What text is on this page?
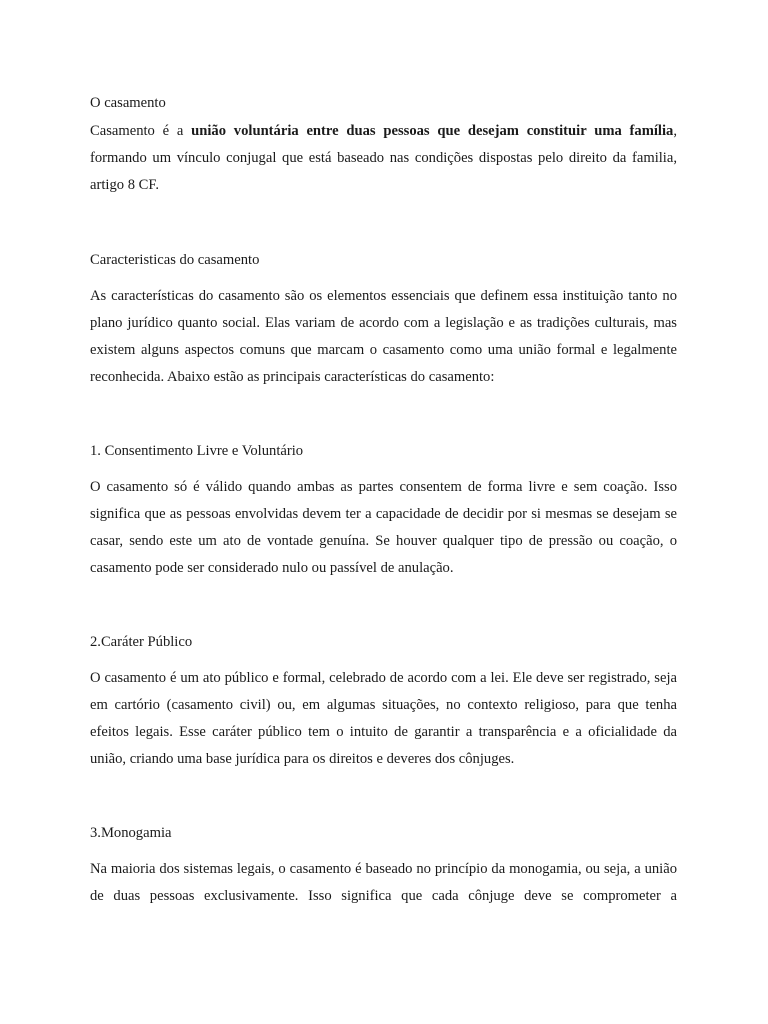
O casamento

Casamento é a união voluntária entre duas pessoas que desejam constituir uma família, formando um vínculo conjugal que está baseado nas condições dispostas pelo direito da familia, artigo 8 CF.

Caracteristicas do casamento

As características do casamento são os elementos essenciais que definem essa instituição tanto no plano jurídico quanto social. Elas variam de acordo com a legislação e as tradições culturais, mas existem alguns aspectos comuns que marcam o casamento como uma união formal e legalmente reconhecida. Abaixo estão as principais características do casamento:

1. Consentimento Livre e Voluntário

O casamento só é válido quando ambas as partes consentem de forma livre e sem coação. Isso significa que as pessoas envolvidas devem ter a capacidade de decidir por si mesmas se desejam se casar, sendo este um ato de vontade genuína. Se houver qualquer tipo de pressão ou coação, o casamento pode ser considerado nulo ou passível de anulação.

2.Caráter Público

O casamento é um ato público e formal, celebrado de acordo com a lei. Ele deve ser registrado, seja em cartório (casamento civil) ou, em algumas situações, no contexto religioso, para que tenha efeitos legais. Esse caráter público tem o intuito de garantir a transparência e a oficialidade da união, criando uma base jurídica para os direitos e deveres dos cônjuges.

3.Monogamia

Na maioria dos sistemas legais, o casamento é baseado no princípio da monogamia, ou seja, a união de duas pessoas exclusivamente. Isso significa que cada cônjuge deve se comprometer a
